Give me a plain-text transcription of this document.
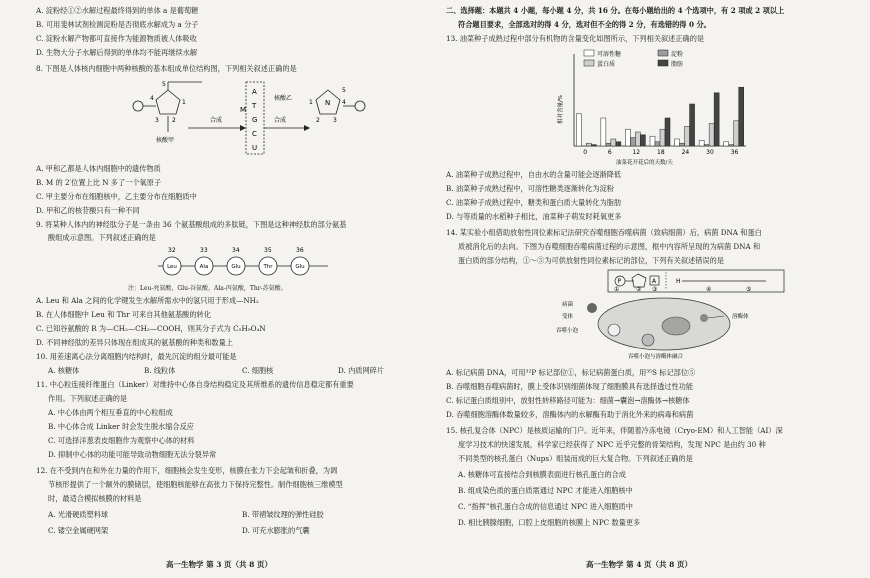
A. 淀粉经①②水解过程最终得到的单体 a 是葡萄糖
B. 可用斐林试剂检测淀粉是否彻底水解成为 a 分子
C. 淀粉水解产物都可直接作为能源物质被人体吸收
D. 生物大分子水解后得到的单体均不能再继续水解
8. 下图是人体核内细胞中两种核酸的基本组成单位结构图，下列相关叙述正确的是
5
4
3 2
1
核酸甲
合成
A
T
G
C
U
合成
核酸乙
N
M
5
4
3
2
1
A. 甲和乙都是人体内细胞中的遗传物质
B. M 的 2′位置上比 N 多了一个氧原子
C. 甲主要分布在细胞核中，乙主要分布在细胞质中
D. 甲和乙的核苷酸只有一种不同
9. 将某种人体内的神经肽分子是一条由 36 个氨基酸组成的多肽链，下图是这种神经肽的部分氨基
酸组成示意图。下列叙述正确的是
32	33	34	35	36
Leu	Ala	Glu	Thr	Glu
注：Leu-亮氨酸，Glu-谷氨酸，Ala-丙氨酸，Thr-苏氨酸。
A. Leu 和 Ala 之间的化学键发生水解所需水中的氢只用于形成—NH₂
B. 在人体细胞中 Leu 和 Thr 可来自其他氨基酸的转化
C. 已知谷氨酸的 R 为—CH₂—CH₂—COOH，则其分子式为 C₅H₉O₄N
D. 不同神经肽的差异只体现在组成其的氨基酸的种类和数量上
10. 用差速离心法分离细胞内结构时，最先沉淀的组分最可能是
A. 核糖体	B. 线粒体	C. 细胞核	D. 内质网碎片
11. 中心粒连接纤维蛋白（Linker）对维持中心体自身结构稳定及其所维系的遗传信息稳定都有重要
作用。下列叙述正确的是
A. 中心体由两个相互垂直的中心粒组成
B. 中心体合成 Linker 时会发生脱水缩合反应
C. 可选择洋葱表皮细胞作为观察中心体的材料
D. 抑制中心体的功能可能导致动物细胞无法分裂异常
12. 在不受到内在和外在力量的作用下，细胞核会发生变形，核膜在张力下会起皱和折叠，为调
节核形提供了一个额外的膜储层，使细胞核能够在高张力下保持完整性。制作细胞核三维模型
时，最适合模拟核膜的材料是
A. 光滑硬质塑料球	B. 带褶皱纹理的弹性硅胶
C. 镂空金属硬网架	D. 可充水膨胀的气囊
高一生物学 第 3 页（共 8 页）
二、选择题：本题共 4 小题，每小题 4 分，共 16 分。在每小题给出的 4 个选项中，有 2 项或 2 项以上
符合题目要求，全部选对的得 4 分，选对但不全的得 2 分，有选错的得 0 分。
13. 油菜种子成熟过程中部分有机物的含量变化如图所示，下列相关叙述正确的是
可溶性糖	淀粉
蛋白质	脂肪
相对含量/%
油菜花开花后的天数/天
0	6	12	18	24	30	36
A. 油菜种子成熟过程中，自由水的含量可能会逐渐降低
B. 油菜种子成熟过程中，可溶性糖类逐渐转化为淀粉
C. 油菜种子成熟过程中，糖类和蛋白质大量转化为脂肪
D. 与等质量的水稻种子相比，油菜种子萌发时耗氧更多
14. 某实验小组借助放射性同位素标记法研究吞噬细胞吞噬病菌（致病细菌）后，病菌 DNA 和蛋白
质被消化后的去向。下图为吞噬细胞吞噬病菌过程的示意图，框中内容所呈现的为病菌 DNA 和
蛋白质的部分结构，①～⑤为可供放射性同位素标记的部位，下列有关叙述错误的是
P	A	H
①	② ③	④	⑤
病菌
受体
吞噬小泡
溶酶体
吞噬小泡与溶酶体融合
A. 标记病菌 DNA，可用³²P 标记部位①，标记病菌蛋白质，用³⁵S 标记部位⑤
B. 吞噬细胞吞噬病菌时，膜上受体识别细菌体现了细胞膜具有选择透过性功能
C. 标记蛋白质组别中，放射性转移路径可能为：细菌→囊泡→溶酶体→核糖体
D. 吞噬细胞溶酶体数量较多，溶酶体内的水解酶有助于消化外来的病毒和病菌
15. 核孔复合体（NPC）是核质运输的门户。近年来，伴随着冷冻电镜（Cryo-EM）和人工智能（AI）深
度学习技术的快速发展，科学家已经获得了 NPC 近乎完整的骨架结构，发现 NPC 是由约 30 种
不同类型的核孔蛋白（Nups）组装而成的巨大复合物。下列叙述正确的是
A. 核糖体可直接结合到核膜表面进行核孔蛋白的合成
B. 组成染色质的蛋白质需通过 NPC 才能进入细胞核中
C. “指挥”核孔蛋白合成的信息通过 NPC 进入细胞质中
D. 相比胰腺细胞，口腔上皮细胞的核膜上 NPC 数量更多
高一生物学 第 4 页（共 8 页）
